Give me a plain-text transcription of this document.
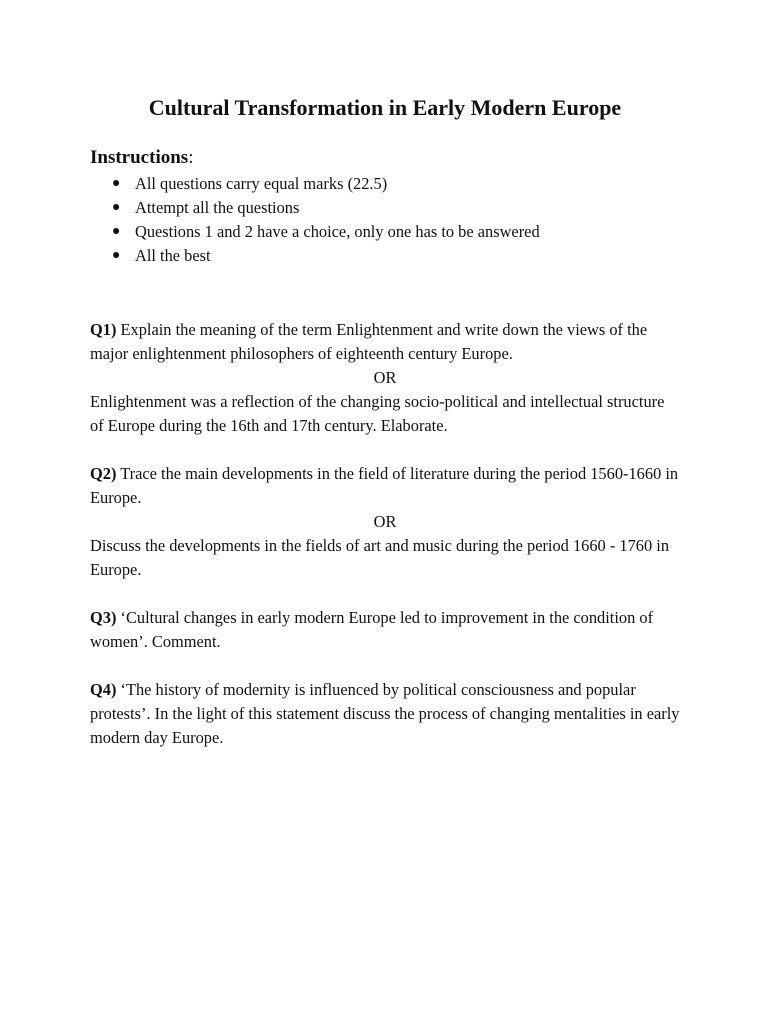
Cultural Transformation in Early Modern Europe
Instructions:
● All questions carry equal marks (22.5)
● Attempt all the questions
● Questions 1 and 2 have a choice, only one has to be answered
● All the best

Q1) Explain the meaning of the term Enlightenment and write down the views of the major enlightenment philosophers of eighteenth century Europe.
OR
Enlightenment was a reflection of the changing socio-political and intellectual structure of Europe during the 16th and 17th century. Elaborate.

Q2) Trace the main developments in the field of literature during the period 1560-1660 in Europe.
OR
Discuss the developments in the fields of art and music during the period 1660 - 1760 in Europe.

Q3) ‘Cultural changes in early modern Europe led to improvement in the condition of women’. Comment.

Q4) ‘The history of modernity is influenced by political consciousness and popular protests’. In the light of this statement discuss the process of changing mentalities in early modern day Europe.
